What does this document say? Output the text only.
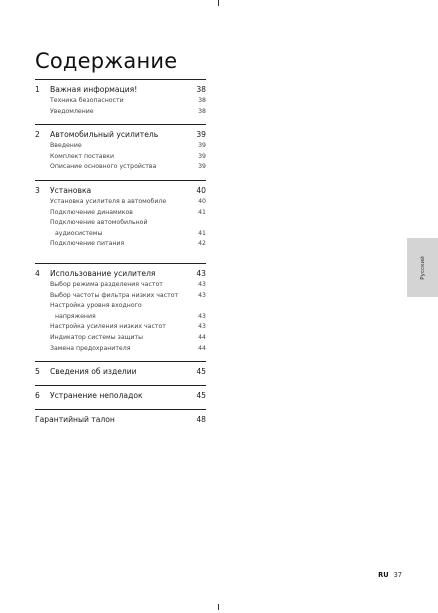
Содержание
1	Важная информация!	38
Техника безопасности	38
Уведомление	38
2	Автомобильный усилитель	39
Введение	39
Комплект поставки	39
Описание основного устройства	39
3	Установка	40
Установка усилителя в автомобиле	40
Подключение динамиков	41
Подключение автомобильной
аудиосистемы	41
Подключение питания	42
4	Использование усилителя	43
Выбор режима разделения частот	43
Выбор частоты фильтра низких частот	43
Настройка уровня входного
напряжения	43
Настройка усиления низких частот	43
Индикатор системы защиты	44
Замена предохранителя	44
5	Сведения об изделии	45
6	Устранение неполадок	45
Гарантийный талон	48
Русский
RU 37
